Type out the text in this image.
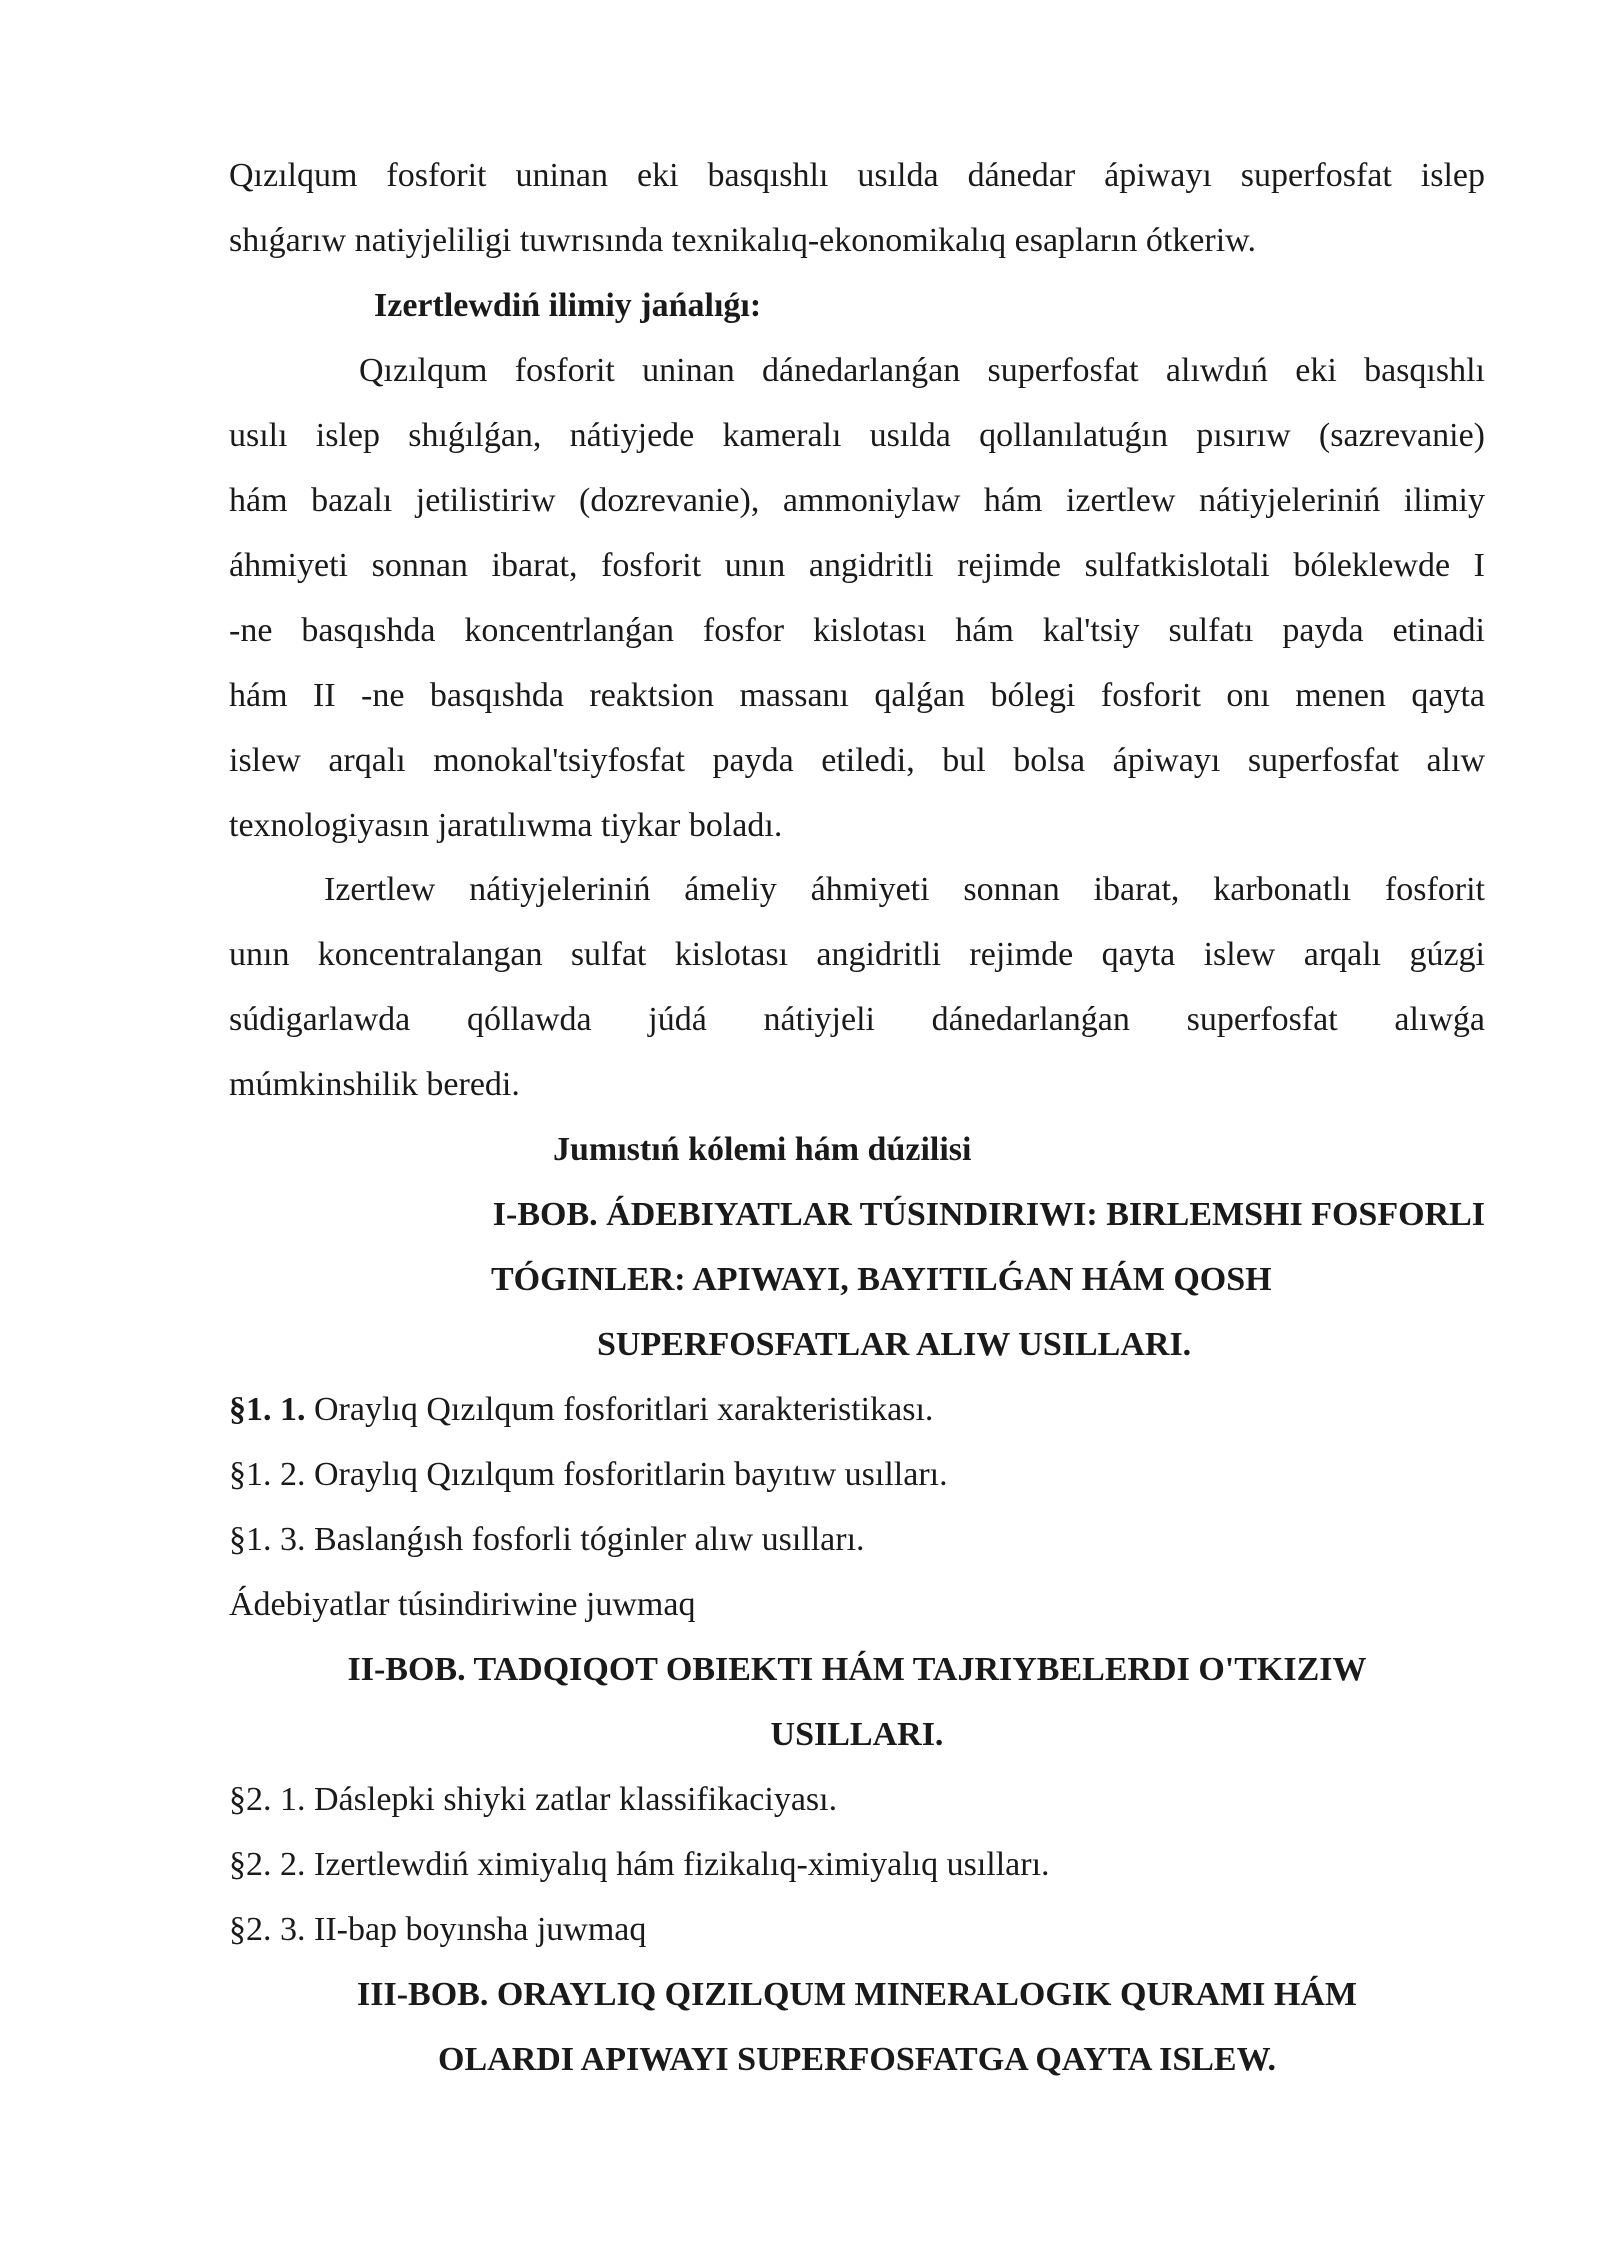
Qızılqum fosforit uninan eki basqıshlı usılda dánedar ápiwayı superfosfat islep
shıǵarıw natiyjeliligi tuwrısında texnikalıq-ekonomikalıq esapların ótkeriw.
Izertlewdiń ilimiy jańalıǵı:
Qızılqum fosforit uninan dánedarlanǵan superfosfat alıwdıń eki basqıshlı
usılı islep shıǵılǵan, nátiyjede kameralı usılda qollanılatuǵın pısırıw (sazrevanie)
hám bazalı jetilistiriw (dozrevanie), ammoniylaw hám izertlew nátiyjeleriniń ilimiy
áhmiyeti sonnan ibarat, fosforit unın angidritli rejimde sulfatkislotali bóleklewde I
-ne basqıshda koncentrlanǵan fosfor kislotası hám kal'tsiy sulfatı payda etinadi
hám II -ne basqıshda reaktsion massanı qalǵan bólegi fosforit onı menen qayta
islew arqalı monokal'tsiyfosfat payda etiledi, bul bolsa ápiwayı superfosfat alıw
texnologiyasın jaratılıwma tiykar boladı.
Izertlew nátiyjeleriniń ámeliy áhmiyeti sonnan ibarat, karbonatlı fosforit
unın koncentralangan sulfat kislotası angidritli rejimde qayta islew arqalı gúzgi
súdigarlawda qóllawda júdá nátiyjeli dánedarlanǵan superfosfat alıwǵa
múmkinshilik beredi.
Jumıstıń kólemi hám dúzilisi
I-BOB. ÁDEBIYATLAR TÚSINDIRIWI: BIRLEMSHI FOSFORLI
TÓGINLER: APIWAYI, BAYITILǴAN HÁM QOSH
SUPERFOSFATLAR ALIW USILLARI.
§1. 1. Oraylıq Qızılqum fosforitlari xarakteristikası.
§1. 2. Oraylıq Qızılqum fosforitlarin bayıtıw usılları.
§1. 3. Baslanǵısh fosforli tóginler alıw usılları.
Ádebiyatlar túsindiriwine juwmaq
II-BOB. TADQIQOT OBIEKTI HÁM TAJRIYBELERDI O'TKIZIW
USILLARI.
§2. 1. Dáslepki shiyki zatlar klassifikaciyası.
§2. 2. Izertlewdiń ximiyalıq hám fizikalıq-ximiyalıq usılları.
§2. 3. II-bap boyınsha juwmaq
III-BOB. ORAYLIQ QIZILQUM MINERALOGIK QURAMI HÁM
OLARDI APIWAYI SUPERFOSFATGA QAYTA ISLEW.
